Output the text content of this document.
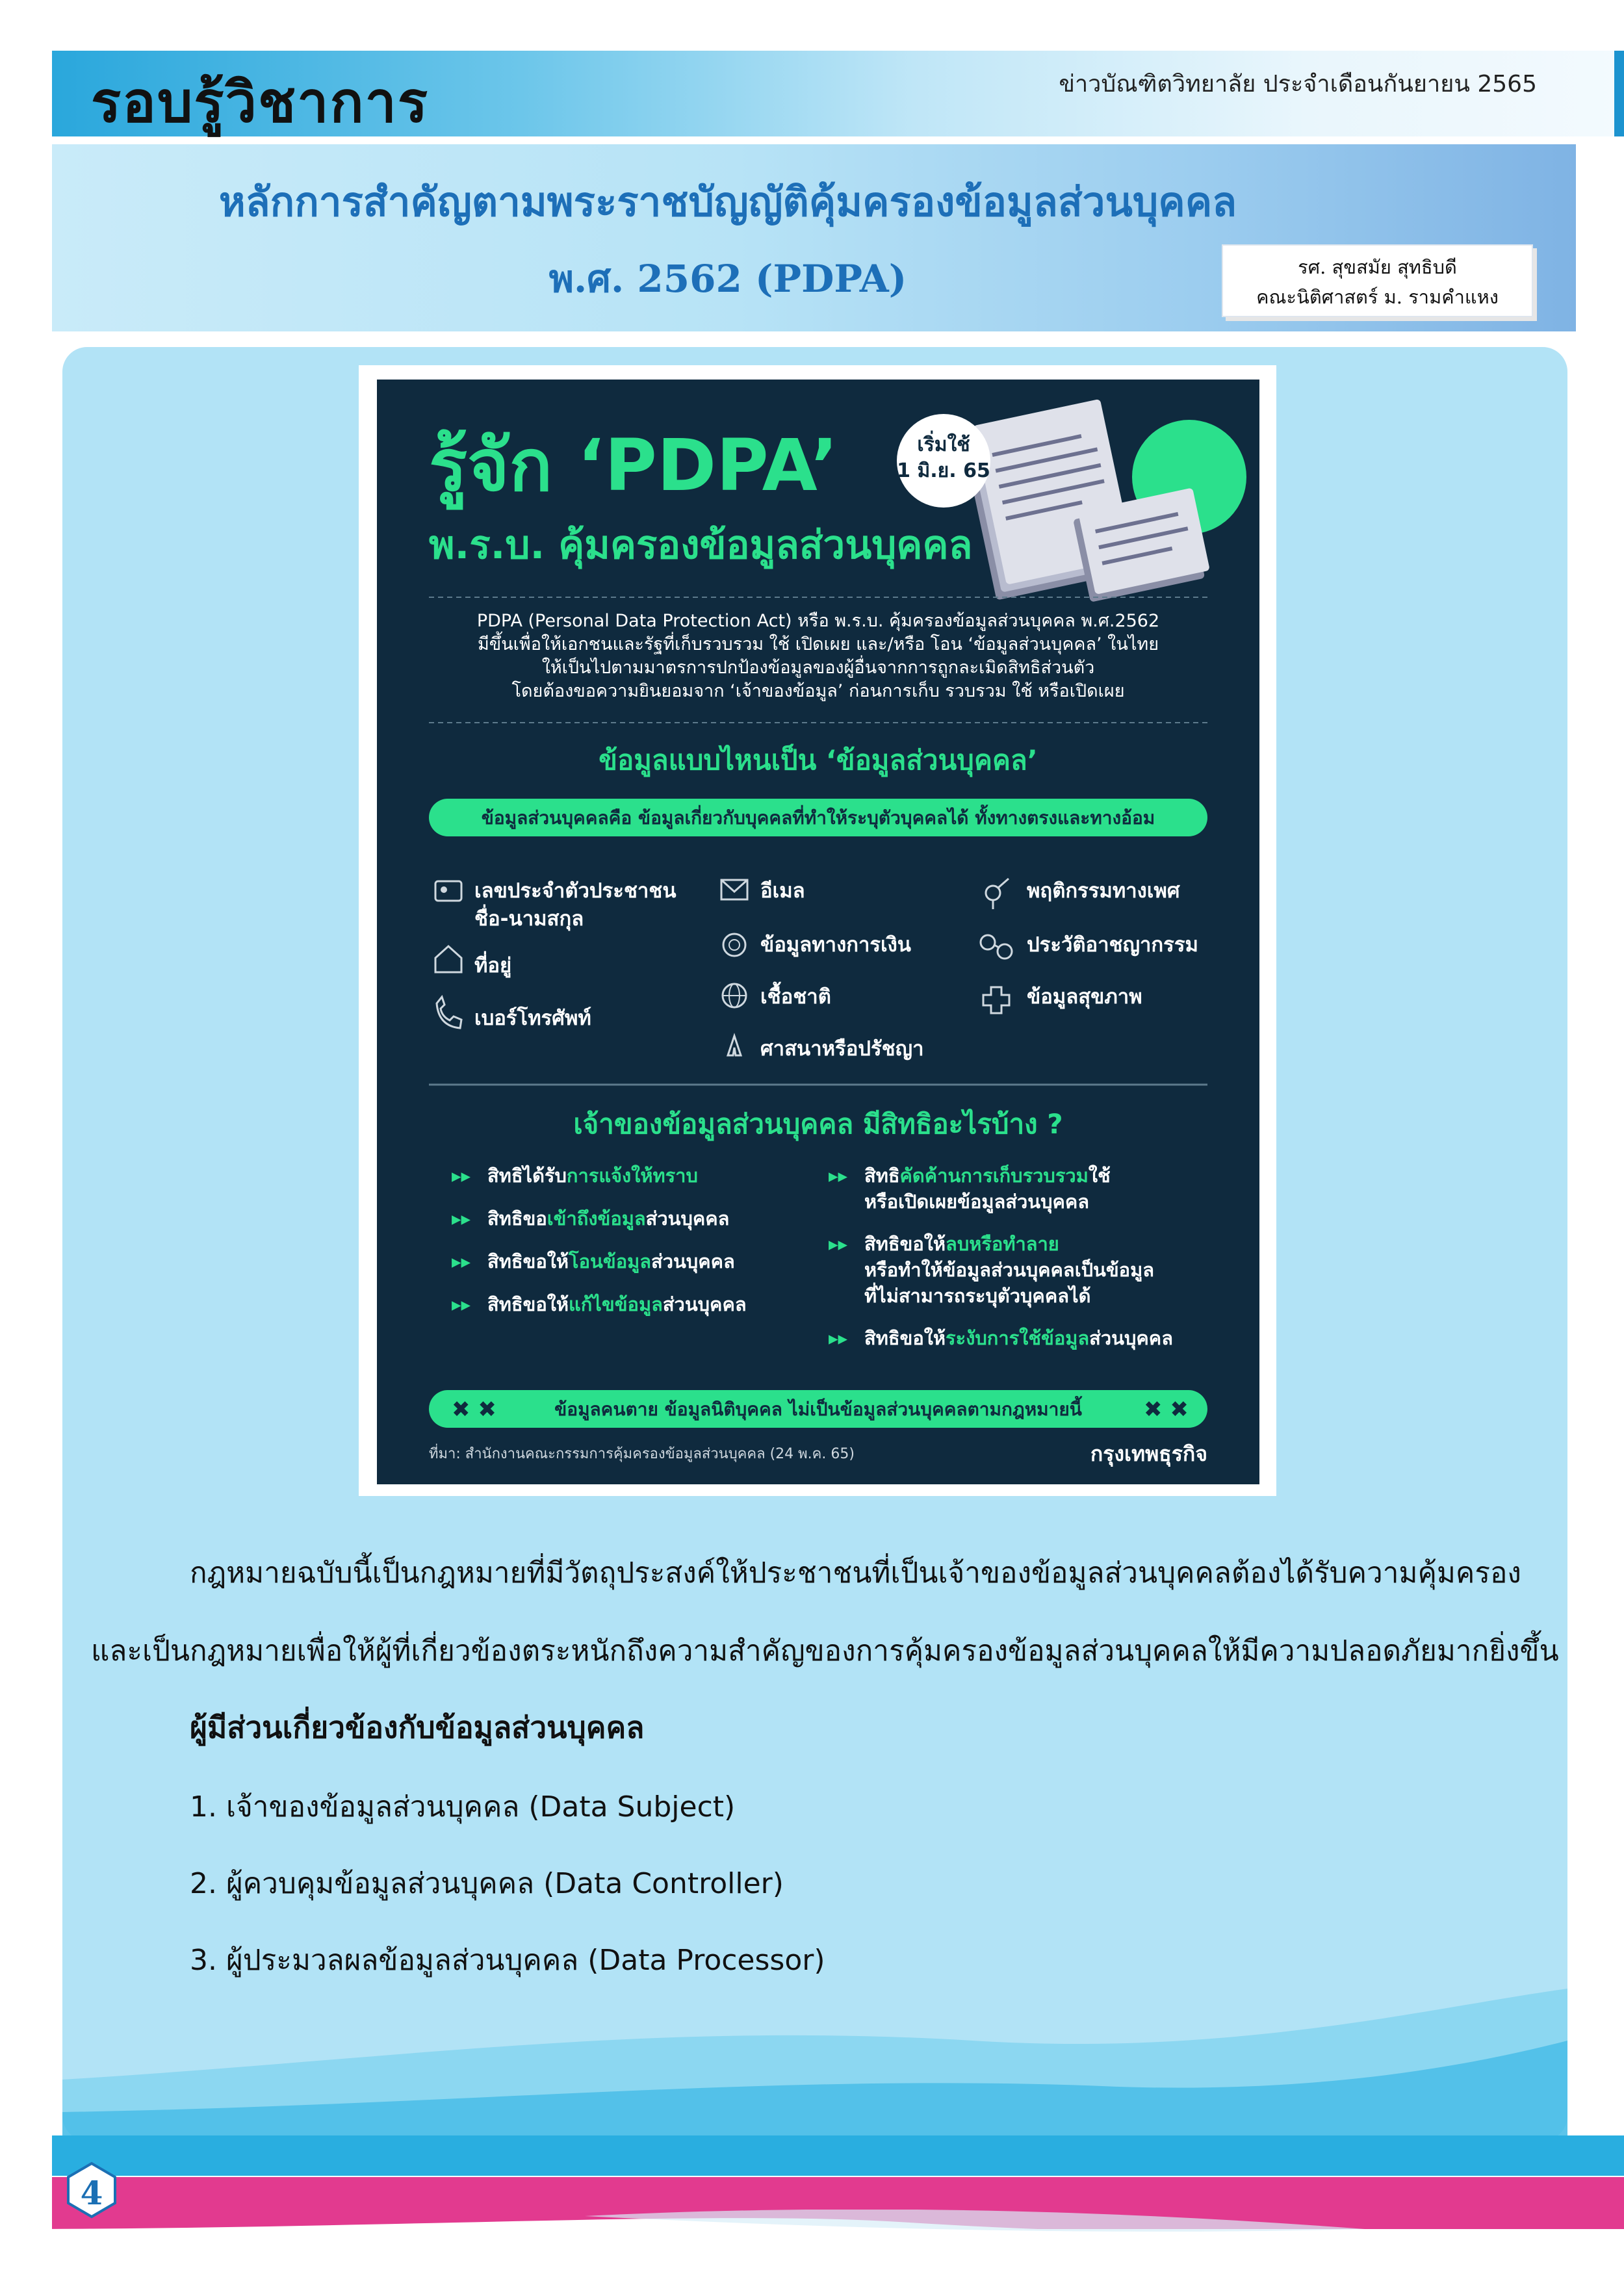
รอบรู้วิชาการ	ข่าวบัณฑิตวิทยาลัย ประจำเดือนกันยายน 2565
หลักการสำคัญตามพระราชบัญญัติคุ้มครองข้อมูลส่วนบุคคล
พ.ศ. 2562 (PDPA)	รศ. สุขสมัย สุทธิบดี
คณะนิติศาสตร์ ม. รามคำแหง
รู้จัก ‘PDPA’	เริ่มใช้
1 มิ.ย. 65
พ.ร.บ. คุ้มครองข้อมูลส่วนบุคคล
PDPA (Personal Data Protection Act) หรือ พ.ร.บ. คุ้มครองข้อมูลส่วนบุคคล พ.ศ.2562
มีขึ้นเพื่อให้เอกชนและรัฐที่เก็บรวบรวม ใช้ เปิดเผย และ/หรือ โอน ‘ข้อมูลส่วนบุคคล’ ในไทย
ให้เป็นไปตามมาตรการปกป้องข้อมูลของผู้อื่นจากการถูกละเมิดสิทธิส่วนตัว
โดยต้องขอความยินยอมจาก ‘เจ้าของข้อมูล’ ก่อนการเก็บ รวบรวม ใช้ หรือเปิดเผย
ข้อมูลแบบไหนเป็น ‘ข้อมูลส่วนบุคคล’
ข้อมูลส่วนบุคคลคือ ข้อมูลเกี่ยวกับบุคคลที่ทำให้ระบุตัวบุคคลได้ ทั้งทางตรงและทางอ้อม
เลขประจำตัวประชาชน
ชื่อ-นามสกุล
ที่อยู่
เบอร์โทรศัพท์
อีเมล
ข้อมูลทางการเงิน
เชื้อชาติ
ศาสนาหรือปรัชญา
พฤติกรรมทางเพศ
ประวัติอาชญากรรม
ข้อมูลสุขภาพ
เจ้าของข้อมูลส่วนบุคคล มีสิทธิอะไรบ้าง ?
▸▸ สิทธิได้รับการแจ้งให้ทราบ
▸▸ สิทธิขอเข้าถึงข้อมูลส่วนบุคคล
▸▸ สิทธิขอให้โอนข้อมูลส่วนบุคคล
▸▸ สิทธิขอให้แก้ไขข้อมูลส่วนบุคคล
▸▸ สิทธิคัดค้านการเก็บรวบรวมใช้
หรือเปิดเผยข้อมูลส่วนบุคคล
▸▸ สิทธิขอให้ลบหรือทำลาย
หรือทำให้ข้อมูลส่วนบุคคลเป็นข้อมูล
ที่ไม่สามารถระบุตัวบุคคลได้
▸▸ สิทธิขอให้ระงับการใช้ข้อมูลส่วนบุคคล
✖ ✖	✖ ✖
ข้อมูลคนตาย ข้อมูลนิติบุคคล ไม่เป็นข้อมูลส่วนบุคคลตามกฎหมายนี้
ที่มา: สำนักงานคณะกรรมการคุ้มครองข้อมูลส่วนบุคคล (24 พ.ค. 65)	กรุงเทพธุรกิจ
กฎหมายฉบับนี้เป็นกฎหมายที่มีวัตถุประสงค์ให้ประชาชนที่เป็นเจ้าของข้อมูลส่วนบุคคลต้องได้รับความคุ้มครอง
และเป็นกฎหมายเพื่อให้ผู้ที่เกี่ยวข้องตระหนักถึงความสำคัญของการคุ้มครองข้อมูลส่วนบุคคลให้มีความปลอดภัยมากยิ่งขึ้น
ผู้มีส่วนเกี่ยวข้องกับข้อมูลส่วนบุคคล
1. เจ้าของข้อมูลส่วนบุคคล (Data Subject)
2. ผู้ควบคุมข้อมูลส่วนบุคคล (Data Controller)
3. ผู้ประมวลผลข้อมูลส่วนบุคคล (Data Processor)
4
